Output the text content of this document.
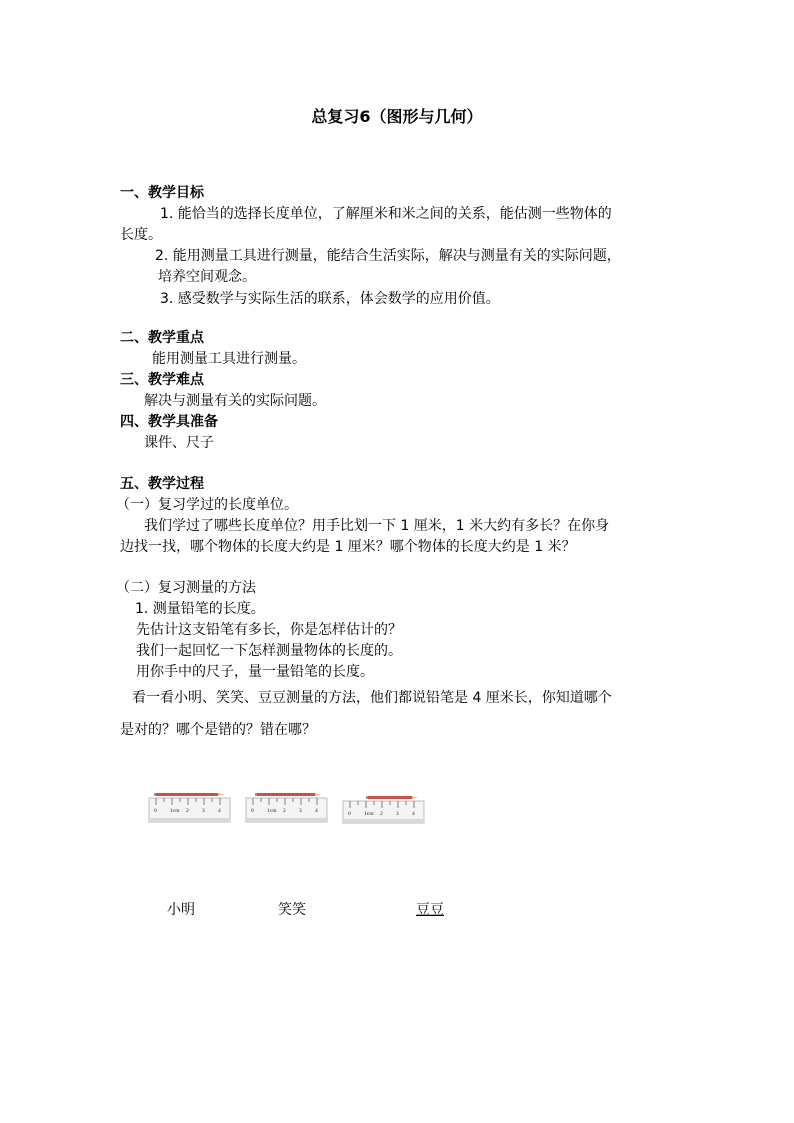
总复习6（图形与几何）
一、教学目标
1. 能恰当的选择长度单位，了解厘米和米之间的关系，能估测一些物体的
长度。
2. 能用测量工具进行测量，能结合生活实际，解决与测量有关的实际问题，
培养空间观念。
3. 感受数学与实际生活的联系，体会数学的应用价值。
二、教学重点
能用测量工具进行测量。
三、教学难点
解决与测量有关的实际问题。
四、教学具准备
课件、尺子
五、教学过程
（一）复习学过的长度单位。
我们学过了哪些长度单位？用手比划一下 1 厘米，1 米大约有多长？在你身
边找一找，哪个物体的长度大约是 1 厘米？哪个物体的长度大约是 1 米？
（二）复习测量的方法
1. 测量铅笔的长度。
先估计这支铅笔有多长，你是怎样估计的？
我们一起回忆一下怎样测量物体的长度的。
用你手中的尺子，量一量铅笔的长度。
看一看小明、笑笑、豆豆测量的方法，他们都说铅笔是 4 厘米长，你知道哪个
是对的？哪个是错的？错在哪？
0 1cm 2 3 4	0 1cm 2 3 4	0 1cm 2 3 4
小明	笑笑	豆豆
